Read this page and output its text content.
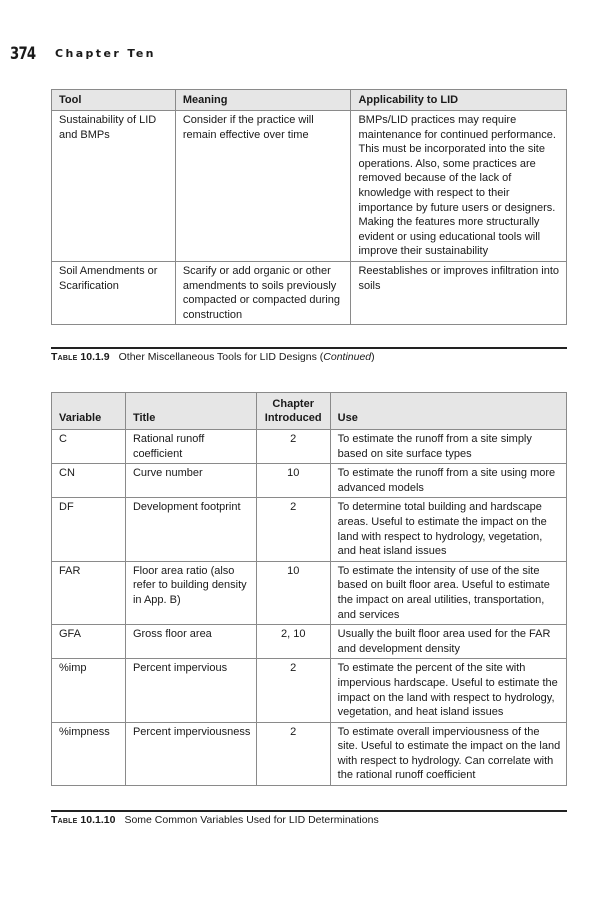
374	Chapter Ten
Tool	Meaning	Applicability to LID
Sustainability of LID and BMPs	Consider if the practice will remain effective over time	BMPs/LID practices may require maintenance for continued performance. This must be incorporated into the site operations. Also, some practices are removed because of the lack of knowledge with respect to their importance by future users or designers. Making the features more structurally evident or using educational tools will improve their sustainability
Soil Amendments or Scarification	Scarify or add organic or other amendments to soils previously compacted or compacted during construction	Reestablishes or improves infiltration into soils
Table 10.1.9 Other Miscellaneous Tools for LID Designs (Continued)
Variable	Title	Chapter Introduced	Use
C	Rational runoff coefficient	2	To estimate the runoff from a site simply based on site surface types
CN	Curve number	10	To estimate the runoff from a site using more advanced models
DF	Development footprint	2	To determine total building and hardscape areas. Useful to estimate the impact on the land with respect to hydrology, vegetation, and heat island issues
FAR	Floor area ratio (also refer to building density in App. B)	10	To estimate the intensity of use of the site based on built floor area. Useful to estimate the impact on areal utilities, transportation, and services
GFA	Gross floor area	2, 10	Usually the built floor area used for the FAR and development density
%imp	Percent impervious	2	To estimate the percent of the site with impervious hardscape. Useful to estimate the impact on the land with respect to hydrology, vegetation, and heat island issues
%impness	Percent imperviousness	2	To estimate overall imperviousness of the site. Useful to estimate the impact on the land with respect to hydrology. Can correlate with the rational runoff coefficient
Table 10.1.10 Some Common Variables Used for LID Determinations
